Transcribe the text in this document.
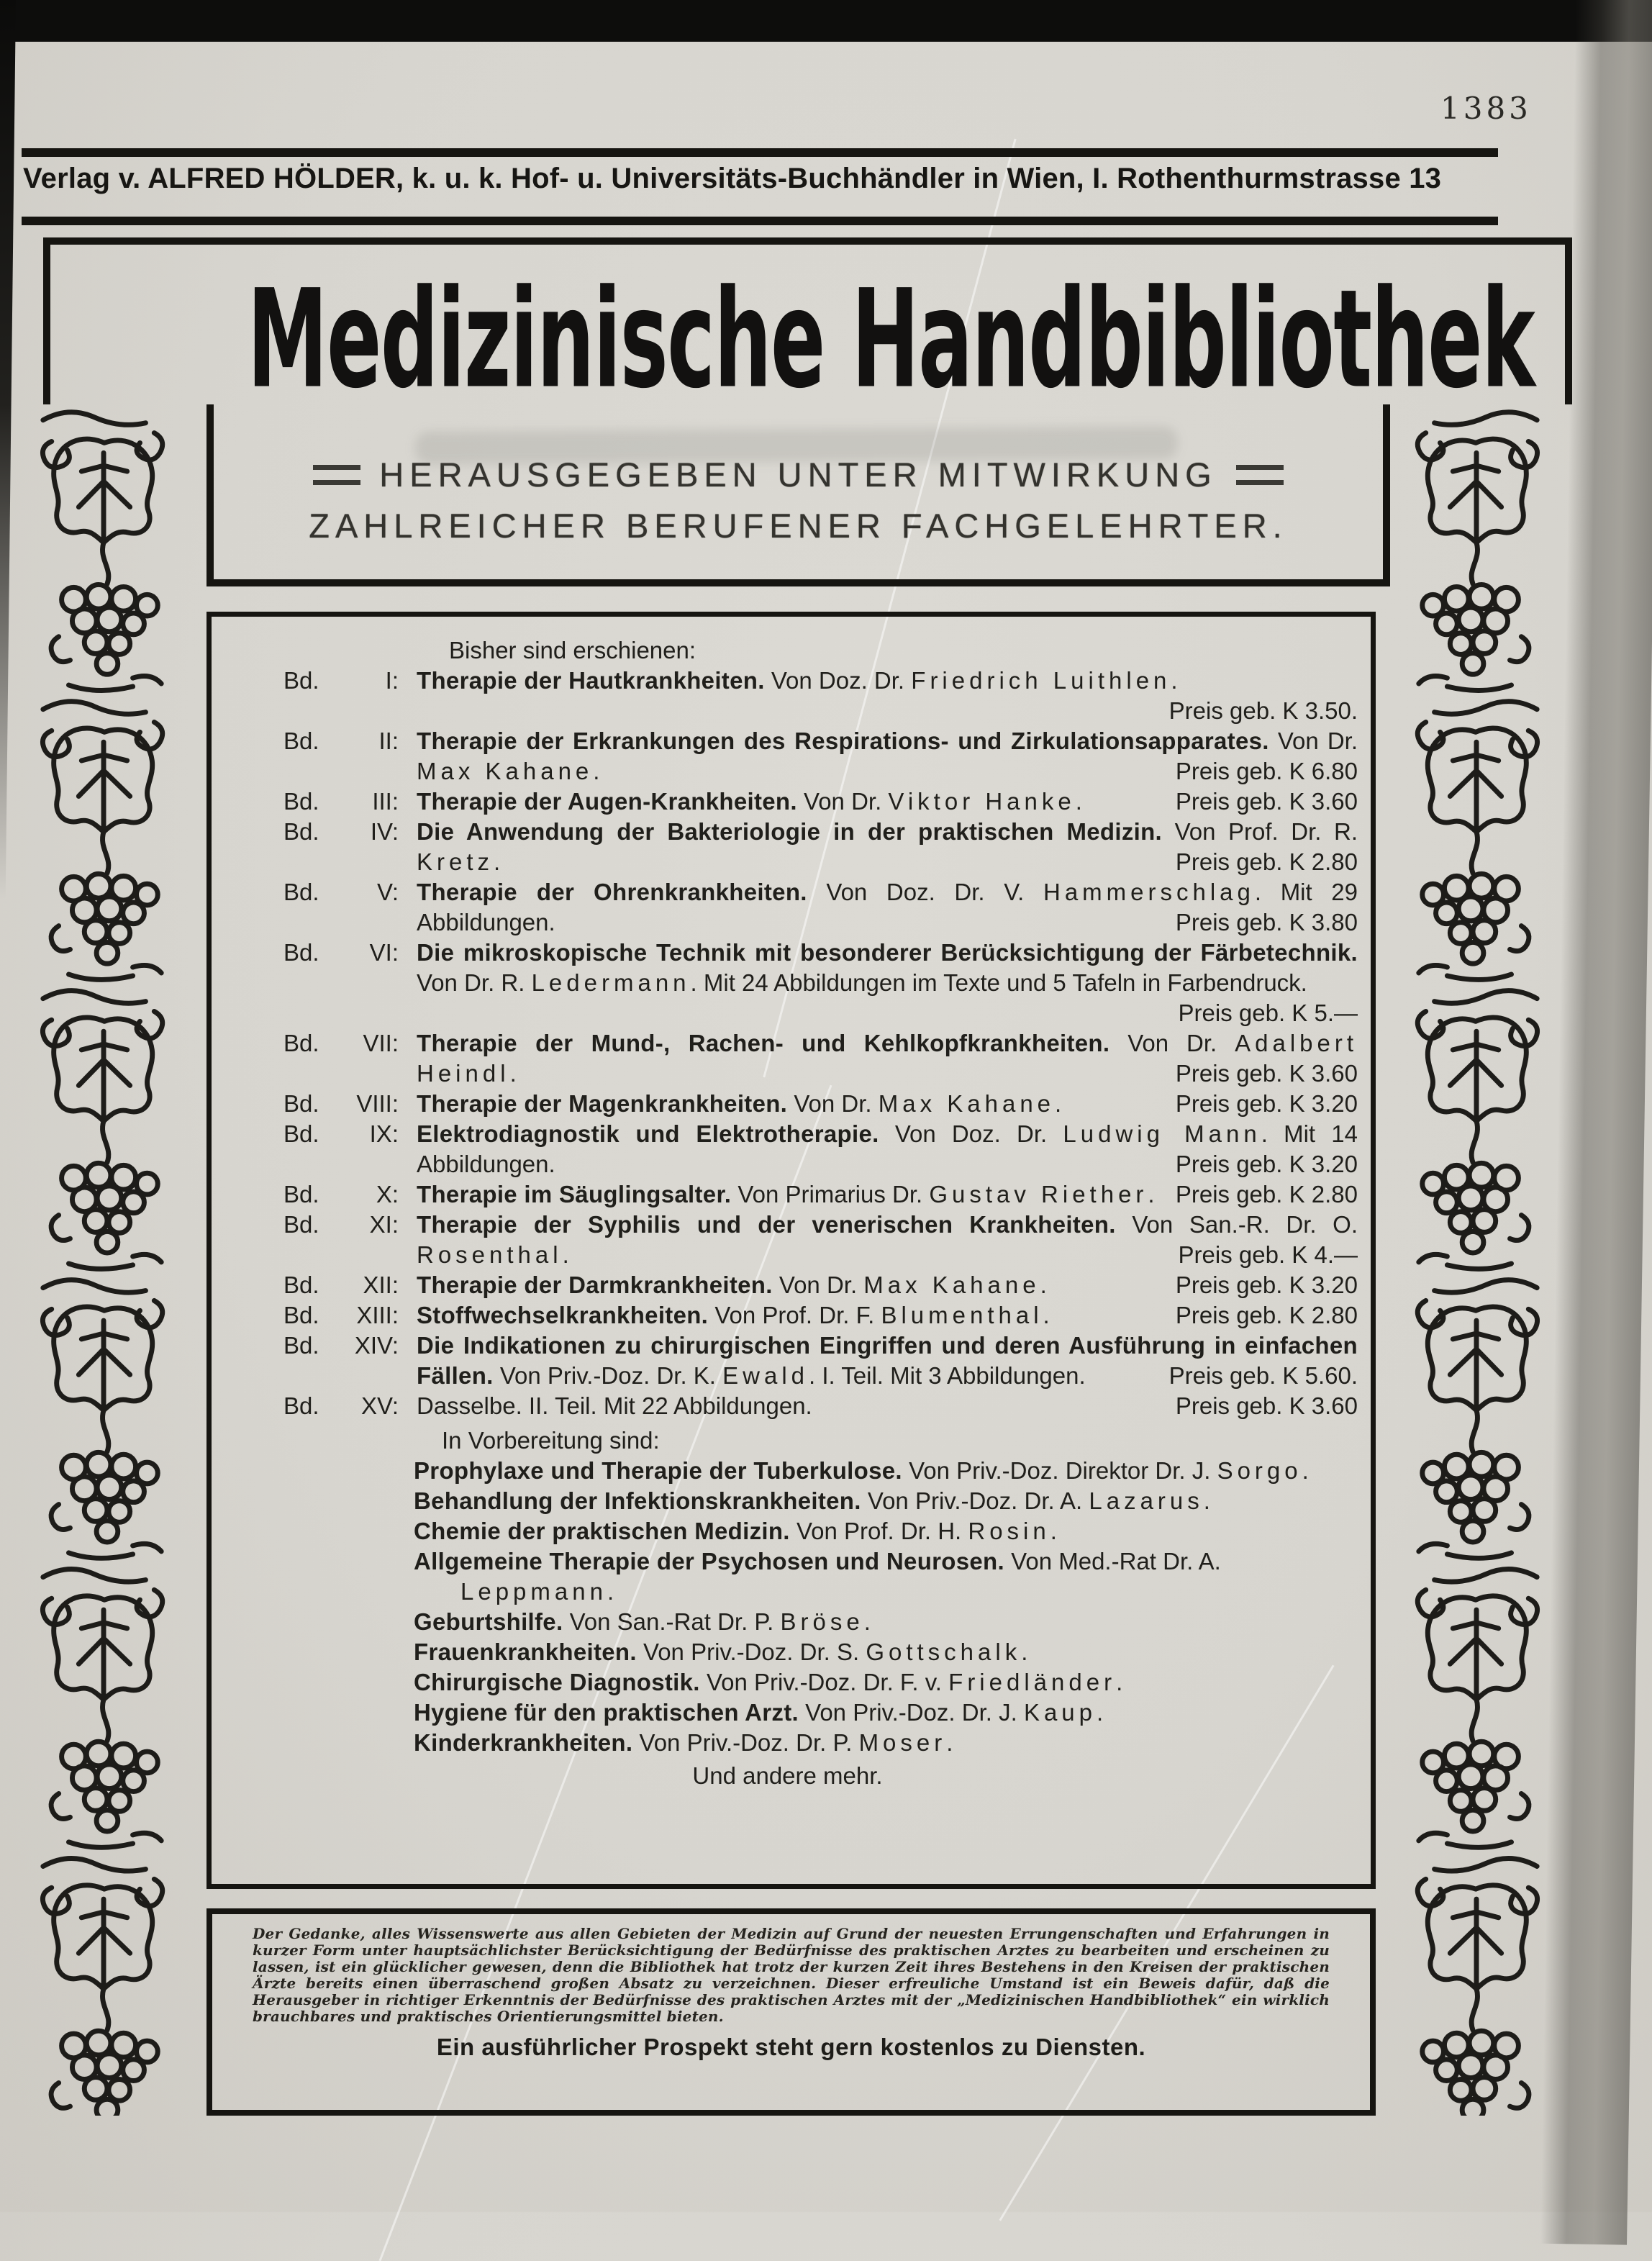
1383
Verlag v. ALFRED HÖLDER, k. u. k. Hof- u. Universitäts-Buchhändler in Wien, I. Rothenthurmstrasse 13
Medizinische Handbibliothek
HERAUSGEGEBEN UNTER MITWIRKUNG
ZAHLREICHER BERUFENER FACHGELEHRTER.
Bisher sind erschienen:
Bd.	I: Therapie der Hautkrankheiten. Von Doz. Dr. Friedrich Luithlen.
Preis geb. K 3.50.
Bd.	II: Therapie der Erkrankungen des Respirations- und Zirkulationsapparates. Von Dr. Max Kahane.	Preis geb. K 6.80
Bd.	III: Therapie der Augen-Krankheiten. Von Dr. Viktor Hanke.	Preis geb. K 3.60
Bd.	IV: Die Anwendung der Bakteriologie in der praktischen Medizin. Von Prof. Dr. R. Kretz.	Preis geb. K 2.80
Bd.	V: Therapie der Ohrenkrankheiten. Von Doz. Dr. V. Hammerschlag. Mit 29 Abbildungen.	Preis geb. K 3.80
Bd.	VI: Die mikroskopische Technik mit besonderer Berücksichtigung der Färbetechnik. Von Dr. R. Ledermann. Mit 24 Abbildungen im Texte und 5 Tafeln in Farbendruck.
Preis geb. K 5.—
Bd.	VII: Therapie der Mund-, Rachen- und Kehlkopfkrankheiten. Von Dr. Adalbert Heindl.	Preis geb. K 3.60
Bd.	VIII: Therapie der Magenkrankheiten. Von Dr. Max Kahane.	Preis geb. K 3.20
Bd.	IX: Elektrodiagnostik und Elektrotherapie. Von Doz. Dr. Ludwig Mann. Mit 14 Abbildungen.	Preis geb. K 3.20
Bd.	X: Therapie im Säuglingsalter. Von Primarius Dr. Gustav Riether. Preis geb. K 2.80
Bd.	XI: Therapie der Syphilis und der venerischen Krankheiten. Von San.-R. Dr. O. Rosenthal.	Preis geb. K 4.—
Bd.	XII: Therapie der Darmkrankheiten. Von Dr. Max Kahane.	Preis geb. K 3.20
Bd.	XIII: Stoffwechselkrankheiten. Von Prof. Dr. F. Blumenthal.	Preis geb. K 2.80
Bd.	XIV: Die Indikationen zu chirurgischen Eingriffen und deren Ausführung in einfachen Fällen. Von Priv.-Doz. Dr. K. Ewald. I. Teil. Mit 3 Abbildungen.	Preis geb. K 5.60.
Bd.	XV: Dasselbe. II. Teil. Mit 22 Abbildungen.	Preis geb. K 3.60
In Vorbereitung sind:
Prophylaxe und Therapie der Tuberkulose. Von Priv.-Doz. Direktor Dr. J. Sorgo.
Behandlung der Infektionskrankheiten. Von Priv.-Doz. Dr. A. Lazarus.
Chemie der praktischen Medizin. Von Prof. Dr. H. Rosin.
Allgemeine Therapie der Psychosen und Neurosen. Von Med.-Rat Dr. A. Leppmann.
Geburtshilfe. Von San.-Rat Dr. P. Bröse.
Frauenkrankheiten. Von Priv.-Doz. Dr. S. Gottschalk.
Chirurgische Diagnostik. Von Priv.-Doz. Dr. F. v. Friedländer.
Hygiene für den praktischen Arzt. Von Priv.-Doz. Dr. J. Kaup.
Kinderkrankheiten. Von Priv.-Doz. Dr. P. Moser.
Und andere mehr.
Der Gedanke, alles Wissenswerte aus allen Gebieten der Medizin auf Grund der neuesten Errungenschaften und Erfahrungen in kurzer Form unter hauptsächlichster Berücksichtigung der Bedürfnisse des praktischen Arztes zu bearbeiten und erscheinen zu lassen, ist ein glücklicher gewesen, denn die Bibliothek hat trotz der kurzen Zeit ihres Bestehens in den Kreisen der praktischen Ärzte bereits einen überraschend großen Absatz zu verzeichnen. Dieser erfreuliche Umstand ist ein Beweis dafür, daß die Herausgeber in richtiger Erkenntnis der Bedürfnisse des praktischen Arztes mit der „Medizinischen Handbibliothek“ ein wirklich brauchbares und praktisches Orientierungsmittel bieten.
Ein ausführlicher Prospekt steht gern kostenlos zu Diensten.
